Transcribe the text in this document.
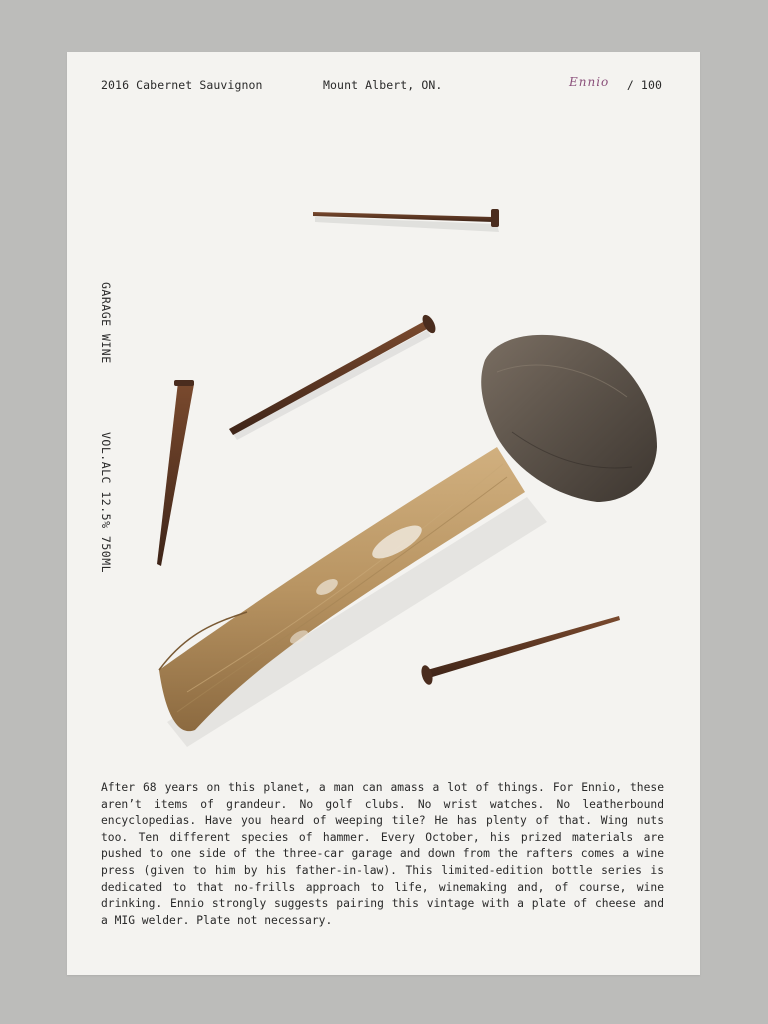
2016 Cabernet Sauvignon	Mount Albert, ON.	Ennio / 100
GARAGE WINE
VOL.ALC 12.5% 750ML

After 68 years on this planet, a man can amass a lot of things. For Ennio, these aren’t items of grandeur. No golf clubs. No wrist watches. No leatherbound encyclopedias. Have you heard of weeping tile? He has plenty of that. Wing nuts too. Ten different species of hammer. Every October, his prized materials are pushed to one side of the three-car garage and down from the rafters comes a wine press (given to him by his father-in-law). This limited-edition bottle series is dedicated to that no-frills approach to life, winemaking and, of course, wine drinking. Ennio strongly suggests pairing this vintage with a plate of cheese and a MIG welder. Plate not necessary.
